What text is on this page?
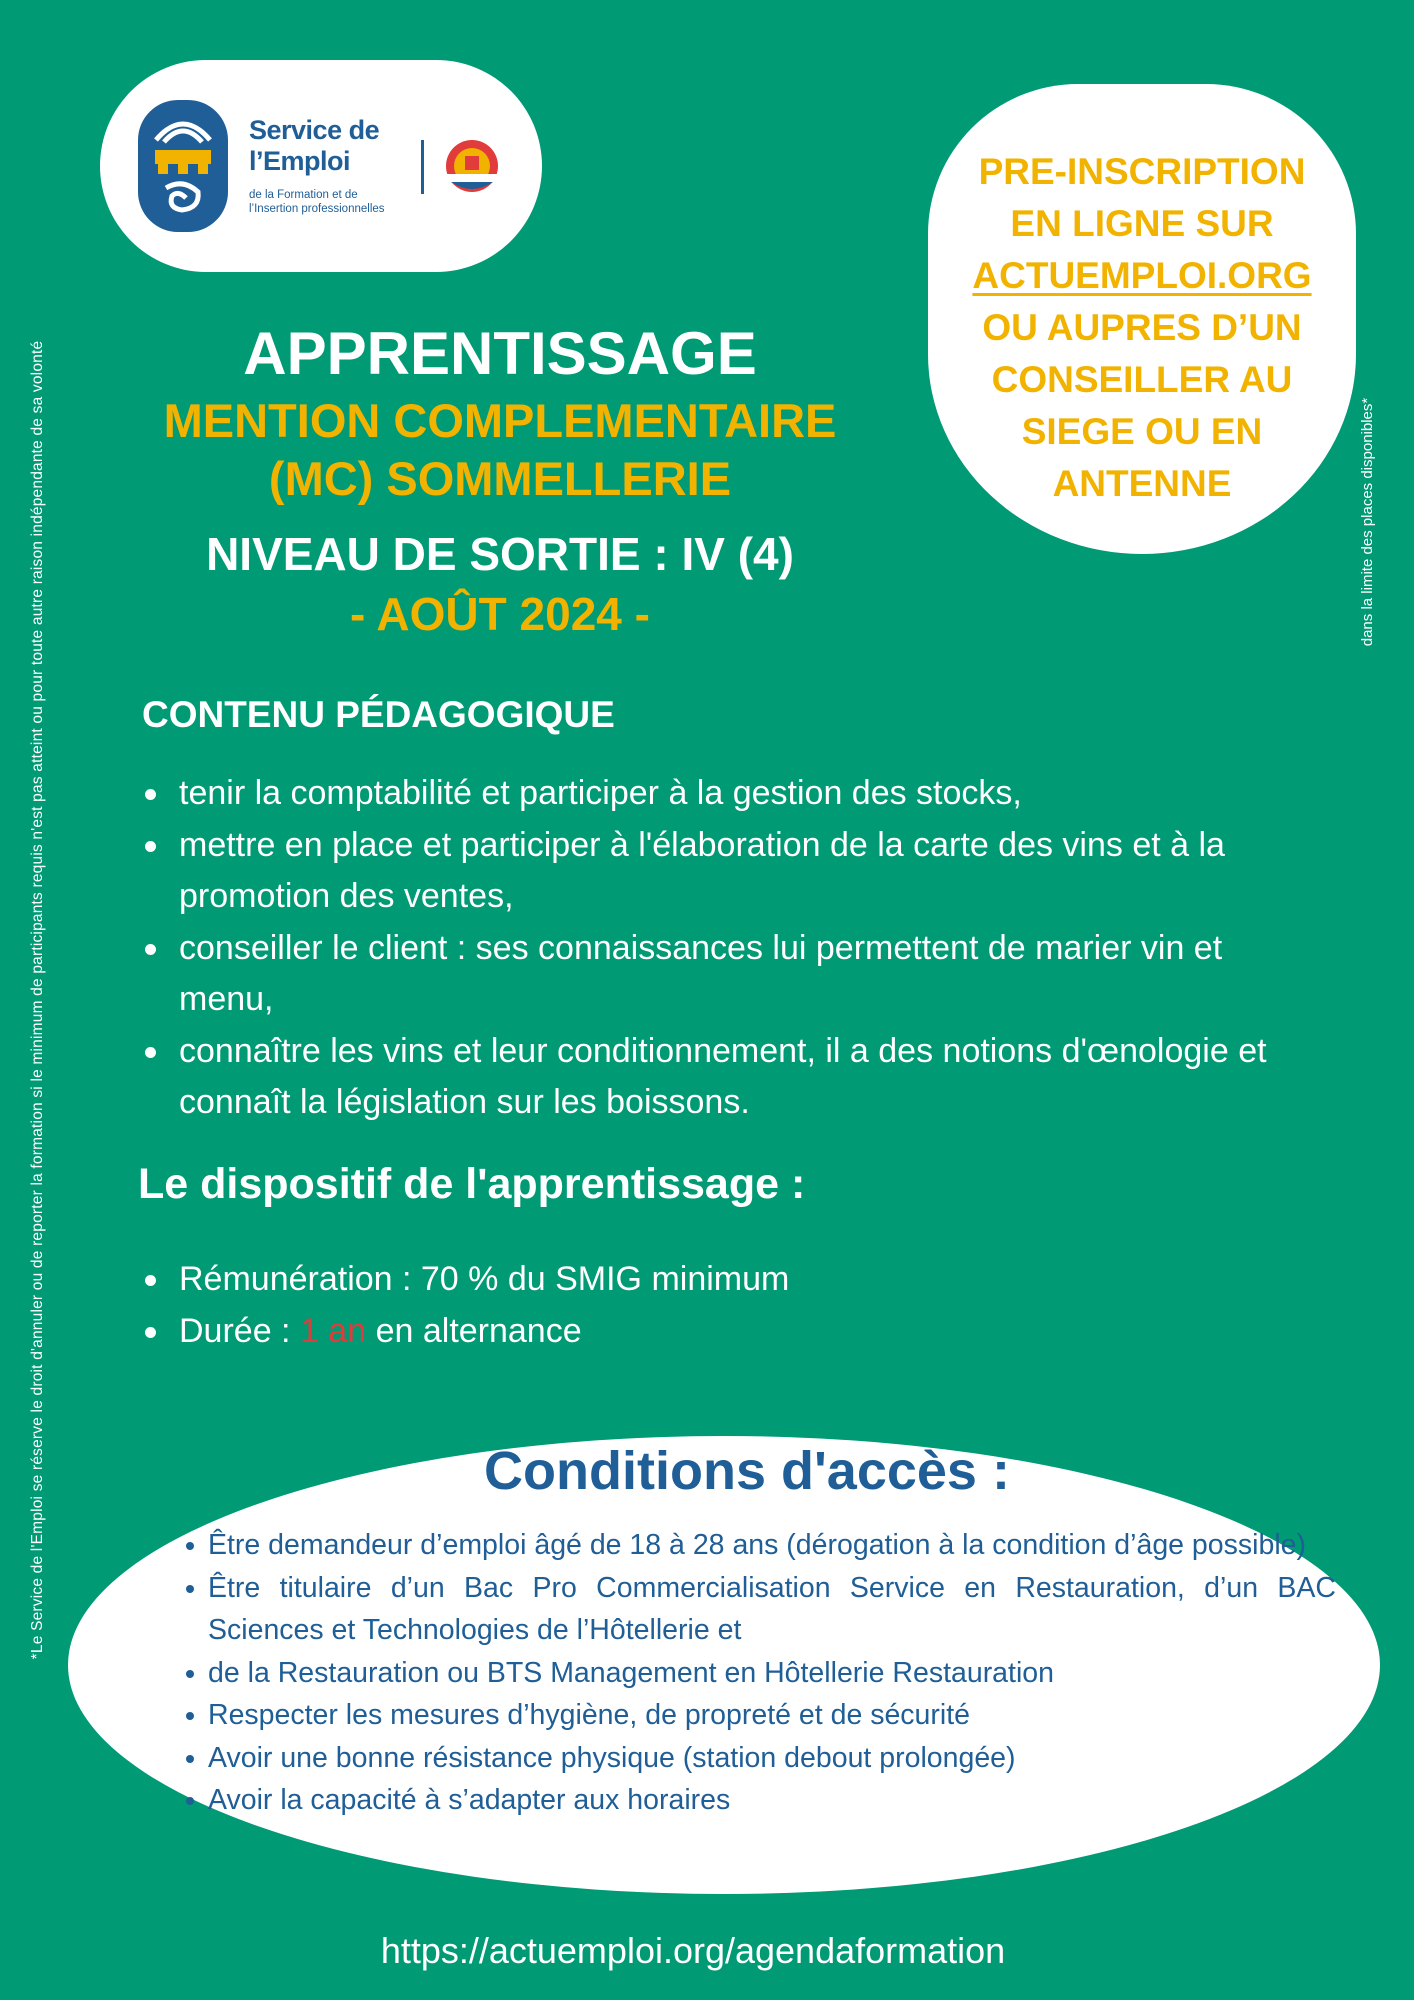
*Le Service de l'Emploi se réserve le droit d'annuler ou de reporter la formation si le minimum de participants requis n'est pas atteint ou pour toute autre raison indépendante de sa volonté	dans la limite des places disponibles*
Service de
l’Emploi
de la Formation et de
l’Insertion professionnelles
PRE-INSCRIPTION
EN LIGNE SUR
ACTUEMPLOI.ORG
OU AUPRES D’UN
CONSEILLER AU
SIEGE OU EN
ANTENNE
APPRENTISSAGE
MENTION COMPLEMENTAIRE
(MC) SOMMELLERIE
NIVEAU DE SORTIE : IV (4)
- AOÛT 2024 -
CONTENU PÉDAGOGIQUE
tenir la comptabilité et participer à la gestion des stocks,
mettre en place et participer à l'élaboration de la carte des vins et à la promotion des ventes,
conseiller le client : ses connaissances lui permettent de marier vin et menu,
connaître les vins et leur conditionnement, il a des notions d'œnologie et connaît la législation sur les boissons.
Le dispositif de l'apprentissage :
Rémunération : 70 % du SMIG minimum
Durée : 1 an en alternance
Conditions d'accès :
Être demandeur d’emploi âgé de 18 à 28 ans (dérogation à la condition d’âge possible)
Être titulaire d’un Bac Pro Commercialisation Service en Restauration, d’un BAC Sciences et Technologies de l’Hôtellerie et
de la Restauration ou BTS Management en Hôtellerie Restauration
Respecter les mesures d’hygiène, de propreté et de sécurité
Avoir une bonne résistance physique (station debout prolongée)
Avoir la capacité à s’adapter aux horaires
https://actuemploi.org/agendaformation
